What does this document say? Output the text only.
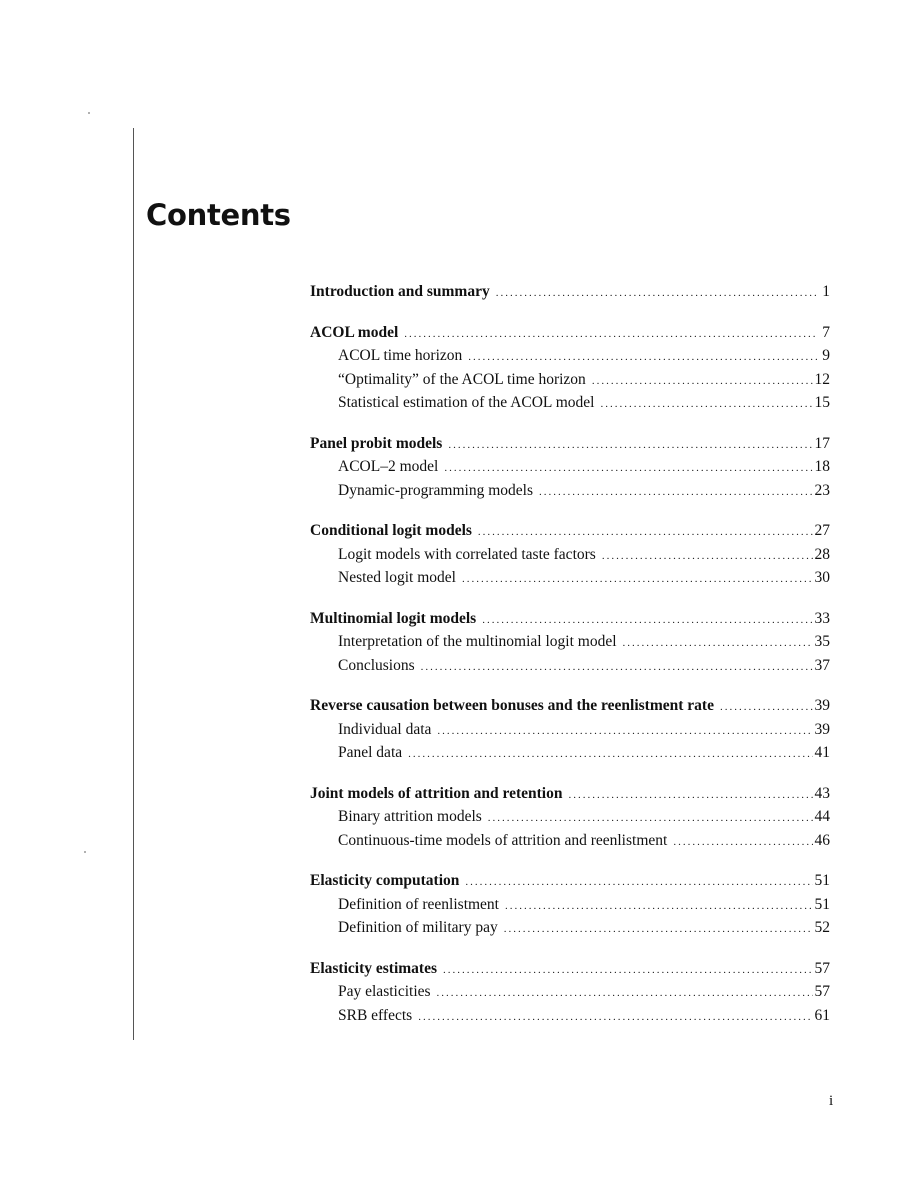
Contents
Introduction and summary .....	1
ACOL model .....	7
ACOL time horizon .....	9
“Optimality” of the ACOL time horizon .....	12
Statistical estimation of the ACOL model .....	15
Panel probit models .....	17
ACOL–2 model .....	18
Dynamic-programming models .....	23
Conditional logit models .....	27
Logit models with correlated taste factors .....	28
Nested logit model .....	30
Multinomial logit models .....	33
Interpretation of the multinomial logit model .....	35
Conclusions .....	37
Reverse causation between bonuses and the reenlistment rate .....	39
Individual data .....	39
Panel data .....	41
Joint models of attrition and retention .....	43
Binary attrition models .....	44
Continuous-time models of attrition and reenlistment .....	46
Elasticity computation .....	51
Definition of reenlistment .....	51
Definition of military pay .....	52
Elasticity estimates .....	57
Pay elasticities .....	57
SRB effects .....	61
i
